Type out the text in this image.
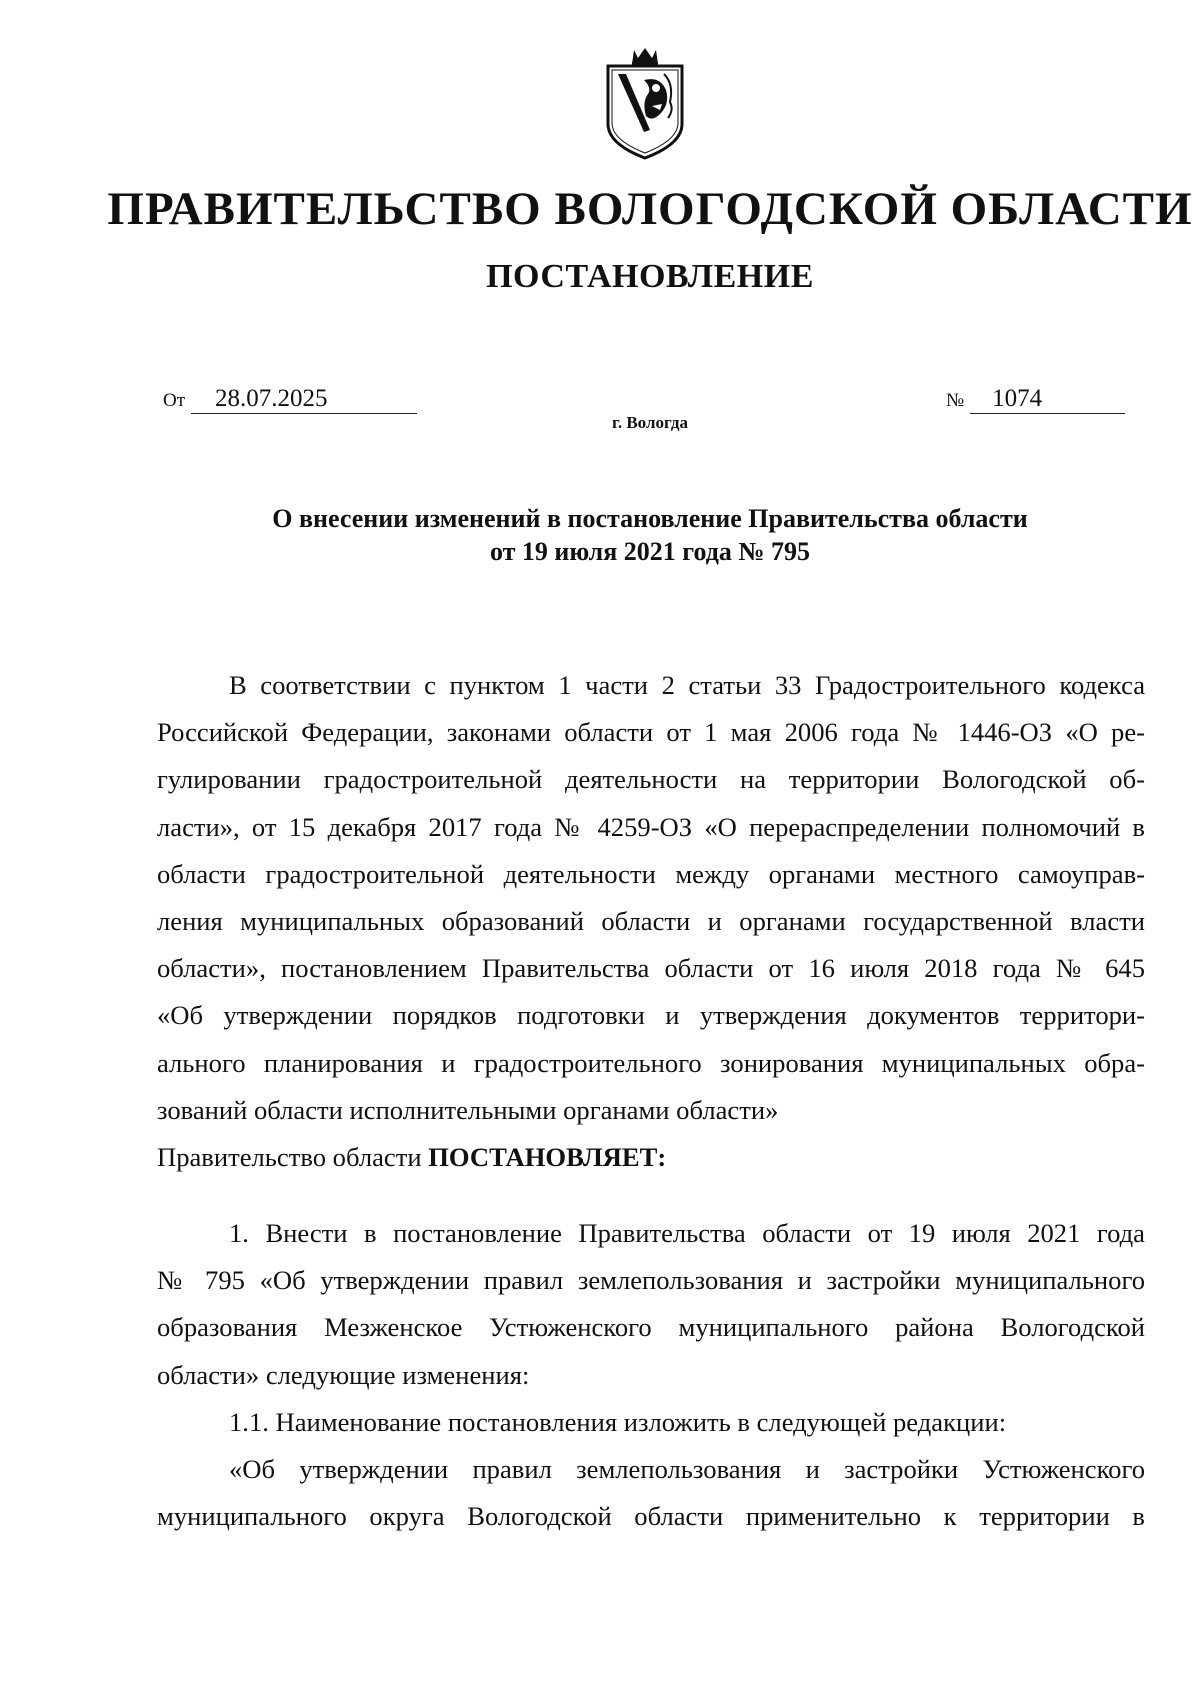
ПРАВИТЕЛЬСТВО ВОЛОГОДСКОЙ ОБЛАСТИ
ПОСТАНОВЛЕНИЕ
От 28.07.2025	№ 1074
г. Вологда
О внесении изменений в постановление Правительства области
от 19 июля 2021 года № 795
В соответствии с пунктом 1 части 2 статьи 33 Градостроительного кодекса
Российской Федерации, законами области от 1 мая 2006 года № 1446-ОЗ «О ре-
гулировании градостроительной деятельности на территории Вологодской об-
ласти», от 15 декабря 2017 года № 4259-ОЗ «О перераспределении полномочий в
области градостроительной деятельности между органами местного самоуправ-
ления муниципальных образований области и органами государственной власти
области», постановлением Правительства области от 16 июля 2018 года № 645
«Об утверждении порядков подготовки и утверждения документов территори-
ального планирования и градостроительного зонирования муниципальных обра-
зований области исполнительными органами области»
Правительство области ПОСТАНОВЛЯЕТ:
1. Внести в постановление Правительства области от 19 июля 2021 года
№ 795 «Об утверждении правил землепользования и застройки муниципального
образования Мезженское Устюженского муниципального района Вологодской
области» следующие изменения:
1.1. Наименование постановления изложить в следующей редакции:
«Об утверждении правил землепользования и застройки Устюженского
муниципального округа Вологодской области применительно к территории в
